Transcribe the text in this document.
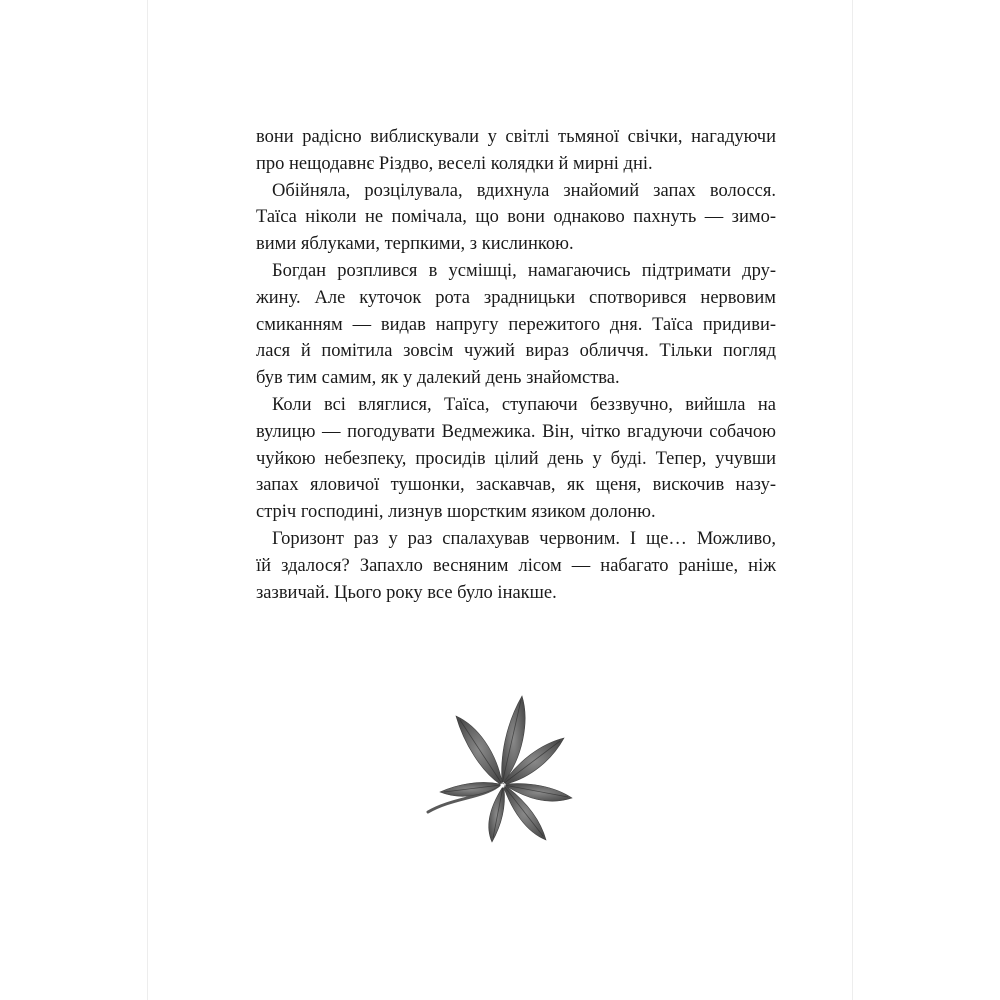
вони радісно виблискували у світлі тьмяної свічки, нагадуючи
про нещодавнє Різдво, веселі колядки й мирні дні.
Обійняла, розцілувала, вдихнула знайомий запах волосся.
Таїса ніколи не помічала, що вони однаково пахнуть — зимо-
вими яблуками, терпкими, з кислинкою.
Богдан розплився в усмішці, намагаючись підтримати дру-
жину. Але куточок рота зрадницьки спотворився нервовим
смиканням — видав напругу пережитого дня. Таїса придиви-
лася й помітила зовсім чужий вираз обличчя. Тільки погляд
був тим самим, як у далекий день знайомства.
Коли всі вляглися, Таїса, ступаючи беззвучно, вийшла на
вулицю — погодувати Ведмежика. Він, чітко вгадуючи собачою
чуйкою небезпеку, просидів цілий день у буді. Тепер, учувши
запах яловичої тушонки, заскавчав, як щеня, вискочив назу-
стріч господині, лизнув шорстким язиком долоню.
Горизонт раз у раз спалахував червоним. І ще… Можливо,
їй здалося? Запахло весняним лісом — набагато раніше, ніж
зазвичай. Цього року все було інакше.
